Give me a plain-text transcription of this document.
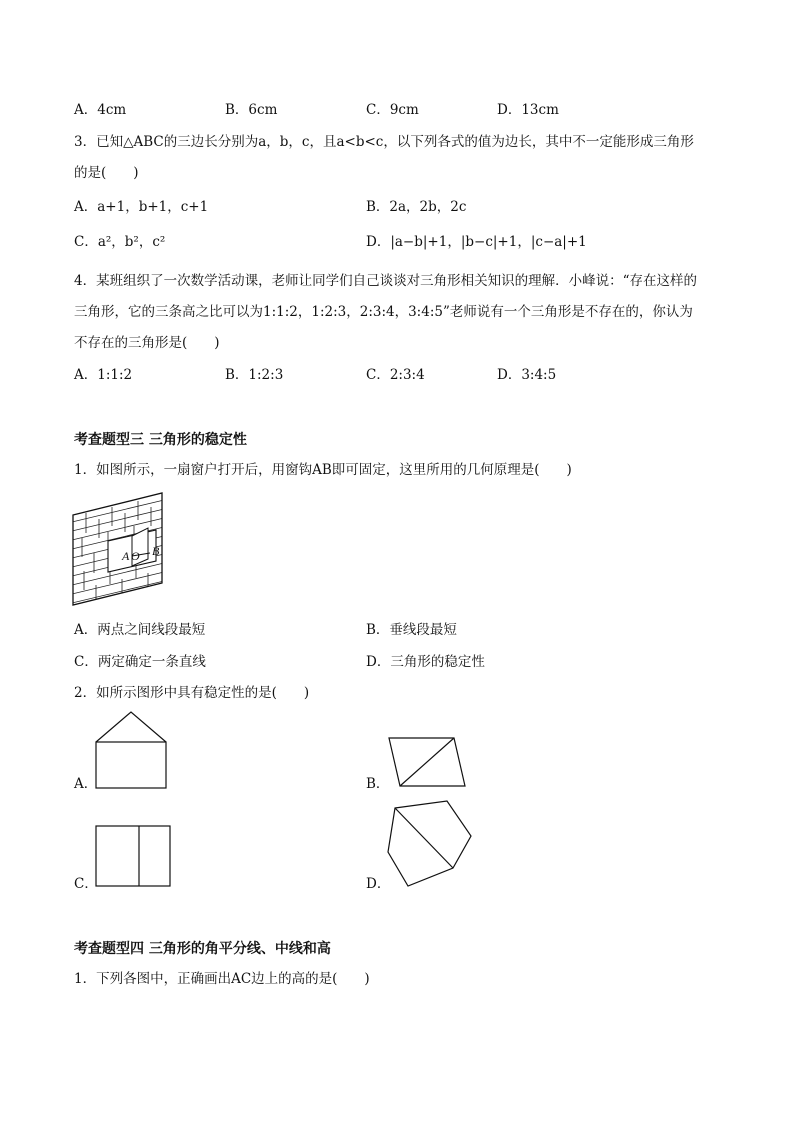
A．4cm	B．6cm	C．9cm	D．13cm
3．已知△ABC的三边长分别为a，b，c，且a<b<c，以下列各式的值为边长，其中不一定能形成三角形
的是(　　)
A．a+1，b+1，c+1	B．2a，2b，2c
C．a²，b²，c²	D．|a−b|+1，|b−c|+1，|c−a|+1
4．某班组织了一次数学活动课，老师让同学们自己谈谈对三角形相关知识的理解．小峰说：“存在这样的
三角形，它的三条高之比可以为1:1:2，1:2:3，2:3:4，3:4:5”老师说有一个三角形是不存在的，你认为
不存在的三角形是(　　)
A．1:1:2	B．1:2:3	C．2:3:4	D．3:4:5
考查题型三 三角形的稳定性
1．如图所示，一扇窗户打开后，用窗钩AB即可固定，这里所用的几何原理是(　　)
A O B
A．两点之间线段最短	B．垂线段最短
C．两定确定一条直线	D．三角形的稳定性
2．如所示图形中具有稳定性的是(　　)
A．	B．
C．	D．
考查题型四 三角形的角平分线、中线和高
1．下列各图中，正确画出AC边上的高的是(　　)
